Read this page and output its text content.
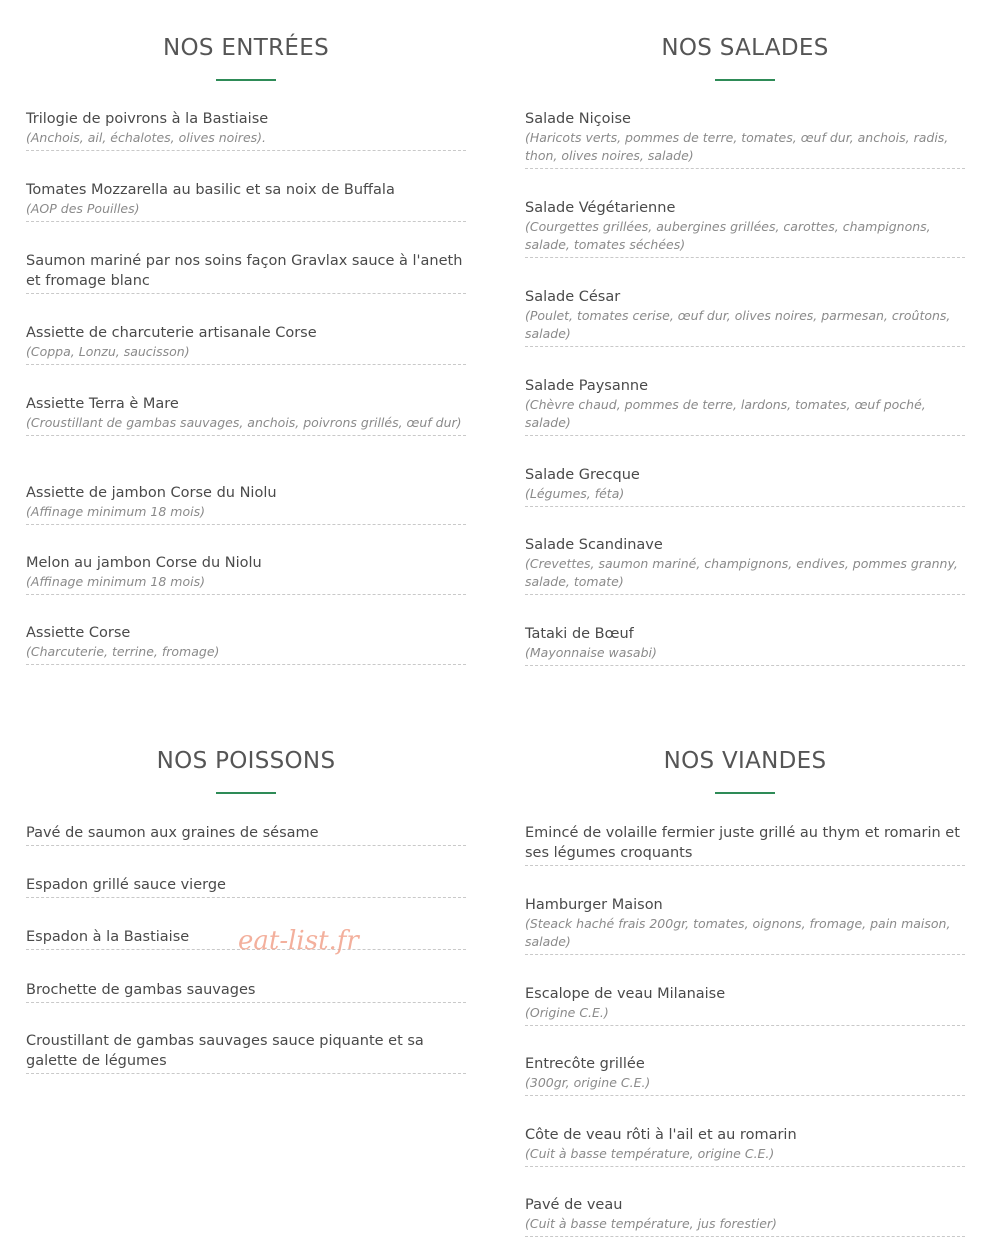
NOS ENTRÉES
Trilogie de poivrons à la Bastiaise
(Anchois, ail, échalotes, olives noires).
Tomates Mozzarella au basilic et sa noix de Buffala
(AOP des Pouilles)
Saumon mariné par nos soins façon Gravlax sauce à l'aneth et fromage blanc
Assiette de charcuterie artisanale Corse
(Coppa, Lonzu, saucisson)
Assiette Terra è Mare
(Croustillant de gambas sauvages, anchois, poivrons grillés, œuf dur)
Assiette de jambon Corse du Niolu
(Affinage minimum 18 mois)
Melon au jambon Corse du Niolu
(Affinage minimum 18 mois)
Assiette Corse
(Charcuterie, terrine, fromage)
NOS SALADES
Salade Niçoise
(Haricots verts, pommes de terre, tomates, œuf dur, anchois, radis, thon, olives noires, salade)
Salade Végétarienne
(Courgettes grillées, aubergines grillées, carottes, champignons, salade, tomates séchées)
Salade César
(Poulet, tomates cerise, œuf dur, olives noires, parmesan, croûtons, salade)
Salade Paysanne
(Chèvre chaud, pommes de terre, lardons, tomates, œuf poché, salade)
Salade Grecque
(Légumes, féta)
Salade Scandinave
(Crevettes, saumon mariné, champignons, endives, pommes granny, salade, tomate)
Tataki de Bœuf
(Mayonnaise wasabi)
NOS POISSONS
Pavé de saumon aux graines de sésame
Espadon grillé sauce vierge
Espadon à la Bastiaise
Brochette de gambas sauvages
Croustillant de gambas sauvages sauce piquante et sa galette de légumes
NOS VIANDES
Emincé de volaille fermier juste grillé au thym et romarin et ses légumes croquants
Hamburger Maison
(Steack haché frais 200gr, tomates, oignons, fromage, pain maison, salade)
Escalope de veau Milanaise
(Origine C.E.)
Entrecôte grillée
(300gr, origine C.E.)
Côte de veau rôti à l'ail et au romarin
(Cuit à basse température, origine C.E.)
Pavé de veau
(Cuit à basse température, jus forestier)
eat-list.fr
